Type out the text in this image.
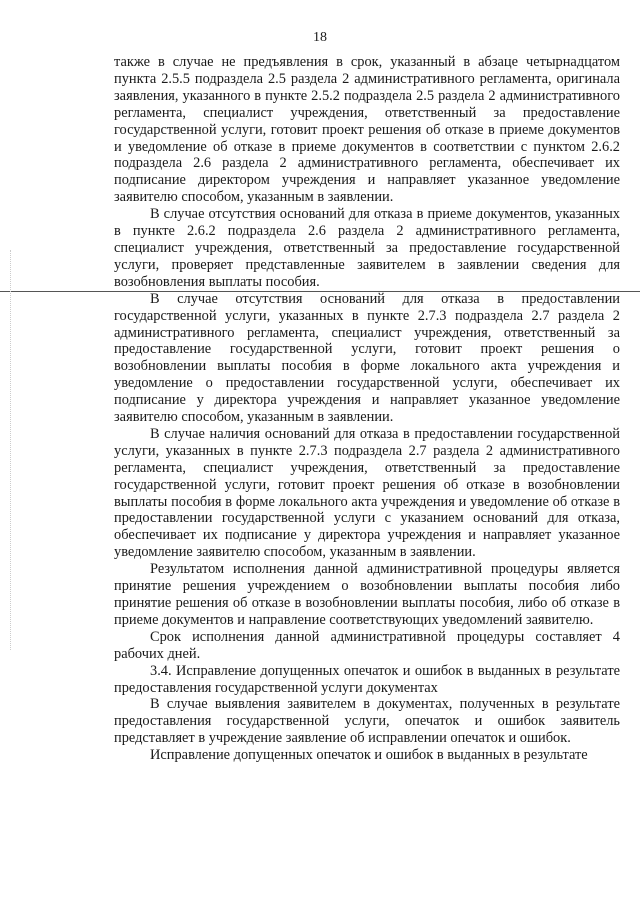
18

также в случае не предъявления в срок, указанный в абзаце четырнадцатом пункта 2.5.5 подраздела 2.5 раздела 2 административного регламента, оригинала заявления, указанного в пункте 2.5.2 подраздела 2.5 раздела 2 административного регламента, специалист учреждения, ответственный за предоставление государственной услуги, готовит проект решения об отказе в приеме документов и уведомление об отказе в приеме документов в соответствии с пунктом 2.6.2 подраздела 2.6 раздела 2 административного регламента, обеспечивает их подписание директором учреждения и направляет указанное уведомление заявителю способом, указанным в заявлении.

В случае отсутствия оснований для отказа в приеме документов, указанных в пункте 2.6.2 подраздела 2.6 раздела 2 административного регламента, специалист учреждения, ответственный за предоставление государственной услуги, проверяет представленные заявителем в заявлении сведения для возобновления выплаты пособия.

В случае отсутствия оснований для отказа в предоставлении государственной услуги, указанных в пункте 2.7.3 подраздела 2.7 раздела 2 административного регламента, специалист учреждения, ответственный за предоставление государственной услуги, готовит проект решения о возобновлении выплаты пособия в форме локального акта учреждения и уведомление о предоставлении государственной услуги, обеспечивает их подписание у директора учреждения и направляет указанное уведомление заявителю способом, указанным в заявлении.

В случае наличия оснований для отказа в предоставлении государственной услуги, указанных в пункте 2.7.3 подраздела 2.7 раздела 2 административного регламента, специалист учреждения, ответственный за предоставление государственной услуги, готовит проект решения об отказе в возобновлении выплаты пособия в форме локального акта учреждения и уведомление об отказе в предоставлении государственной услуги с указанием оснований для отказа, обеспечивает их подписание у директора учреждения и направляет указанное уведомление заявителю способом, указанным в заявлении.

Результатом исполнения данной административной процедуры является принятие решения учреждением о возобновлении выплаты пособия либо принятие решения об отказе в возобновлении выплаты пособия, либо об отказе в приеме документов и направление соответствующих уведомлений заявителю.

Срок исполнения данной административной процедуры составляет 4 рабочих дней.

3.4. Исправление допущенных опечаток и ошибок в выданных в результате предоставления государственной услуги документах

В случае выявления заявителем в документах, полученных в результате предоставления государственной услуги, опечаток и ошибок заявитель представляет в учреждение заявление об исправлении опечаток и ошибок.

Исправление допущенных опечаток и ошибок в выданных в результате
